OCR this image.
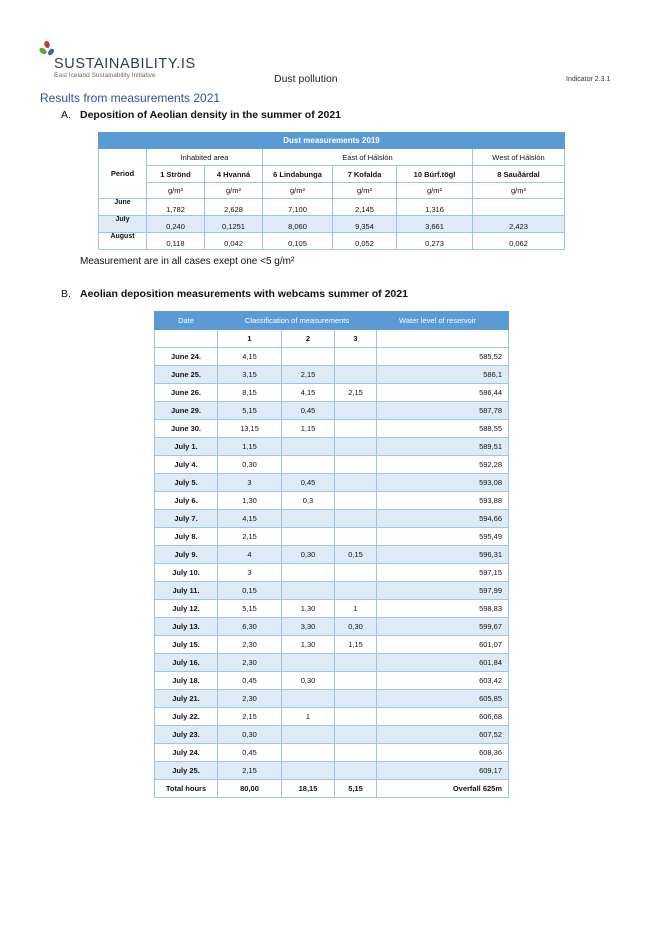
SUSTAINABILITY.IS
East Iceland Sustainability Initiative	Dust pollution	Indicator 2.3.1
Results from measurements 2021
A. Deposition of Aeolian density in the summer of 2021
Dust measurements 2019						
Period	Inhabited area		East of Hálslón			West of Hálslón
	1 Strönd	4 Hvanná	6 Lindabunga	7 Kofalda	10 Búrf.tögl	8 Sauðárdal
	g/m²	g/m²	g/m²	g/m²	g/m²	g/m²
June	1,782	2,628	7,100	2,145	1,316	
July	0,240	0,1251	8,060	9,354	3,661	2,423
August	0,118	0,042	0,105	0,052	0,273	0,062
Measurement are in all cases exept one <5 g/m²
B. Aeolian deposition measurements with webcams summer of 2021
Date	Classification of measurements			Water level of reservoir
	1	2	3	
June 24.	4,15			585,52
June 25.	3,15	2,15		586,1
June 26.	8,15	4,15	2,15	586,44
June 29.	5,15	0,45		587,78
June 30.	13,15	1,15		588,55
July 1.	1,15			589,51
July 4.	0,30			592,28
July 5.	3	0,45		593,08
July 6.	1,30	0,3		593,88
July 7.	4,15			594,66
July 8.	2,15			595,49
July 9.	4	0,30	0,15	596,31
July 10.	3			597,15
July 11.	0,15			597,99
July 12.	5,15	1,30	1	598,83
July 13.	6,30	3,30	0,30	599,67
July 15.	2,30	1,30	1,15	601,07
July 16.	2,30			601,84
July 18.	0,45	0,30		603,42
July 21.	2,30			605,85
July 22.	2,15	1		606,68
July 23.	0,30			607,52
July 24.	0,45			608,36
July 25.	2,15			609,17
Total hours	80,00	18,15	5,15	Overfall 625m
